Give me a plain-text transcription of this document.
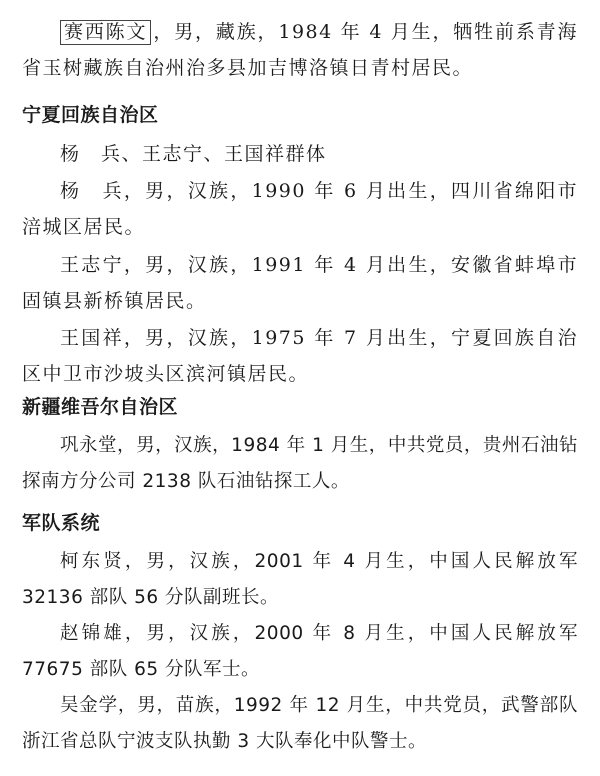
赛西陈文 ，男，藏族，1984 年 4 月生，牺牲前系青海省玉树藏族自治州治多县加吉博洛镇日青村居民。
宁夏回族自治区
杨　兵、王志宁、王国祥群体
杨　兵，男，汉族，1990 年 6 月出生，四川省绵阳市涪城区居民。
王志宁，男，汉族，1991 年 4 月出生，安徽省蚌埠市固镇县新桥镇居民。
王国祥，男，汉族，1975 年 7 月出生，宁夏回族自治区中卫市沙坡头区滨河镇居民。
新疆维吾尔自治区
巩永堂，男，汉族，1984 年 1 月生，中共党员，贵州石油钻探南方分公司 2138 队石油钻探工人。
军队系统
柯东贤，男，汉族，2001 年 4 月生，中国人民解放军 32136 部队 56 分队副班长。
赵锦雄，男，汉族，2000 年 8 月生，中国人民解放军 77675 部队 65 分队军士。
吴金学，男，苗族，1992 年 12 月生，中共党员，武警部队浙江省总队宁波支队执勤 3 大队奉化中队警士。
